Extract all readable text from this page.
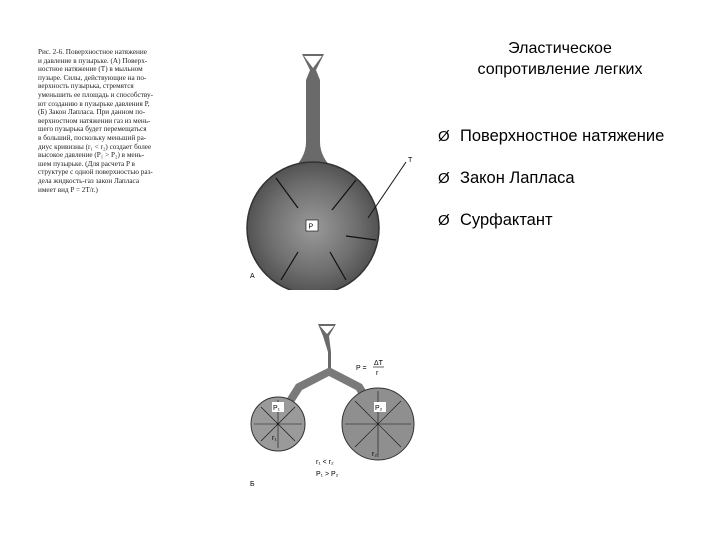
Рис. 2-6. Поверхностное натяжение
и давление в пузырьке. (А) Поверх-
ностное натяжение (Т) в мыльном
пузыре. Силы, действующие на по-
верхность пузырька, стремятся
уменьшить ее площадь и способству-
ют созданию в пузырьке давления P,
(Б) Закон Лапласа. При данном по-
верхностном натяжении газ из мень-
шего пузырька будет перемещаться
в больший, поскольку меньший ра-
диус кривизны (r₁ < r₂) создает более
высокое давление (P₁ > P₂) в мень-
шем пузырьке. (Для расчета P в
структуре с одной поверхностью раз-
дела жидкость-газ закон Лапласа
имеет вид P = 2T/r.)
Эластическое
сопротивление легких
Ø Поверхностное натяжение
Ø Закон Лапласа
Ø Сурфактант
P
T
А
P₁
r₁
P₂
r₂
P =
ΔT
r
r₁ < r₂
P₁ > P₂
Б
